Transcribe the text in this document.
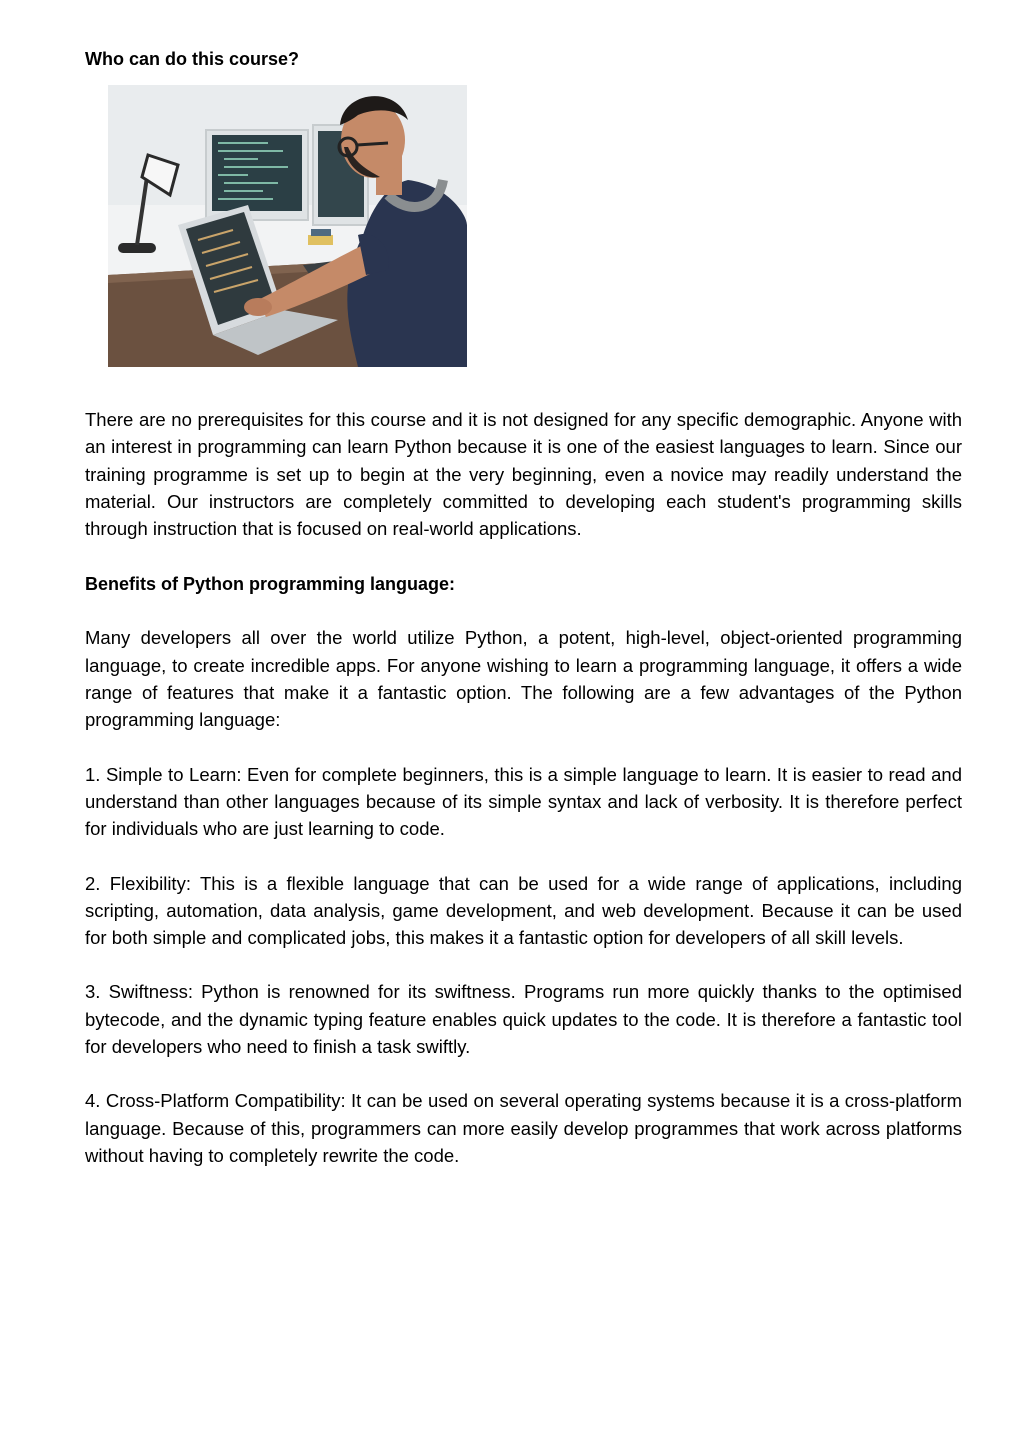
Who can do this course?

There are no prerequisites for this course and it is not designed for any specific demographic. Anyone with an interest in programming can learn Python because it is one of the easiest languages to learn. Since our training programme is set up to begin at the very beginning, even a novice may readily understand the material. Our instructors are completely committed to developing each student's programming skills through instruction that is focused on real-world applications.

Benefits of Python programming language:

Many developers all over the world utilize Python, a potent, high-level, object-oriented programming language, to create incredible apps. For anyone wishing to learn a programming language, it offers a wide range of features that make it a fantastic option. The following are a few advantages of the Python programming language:

1. Simple to Learn: Even for complete beginners, this is a simple language to learn. It is easier to read and understand than other languages because of its simple syntax and lack of verbosity. It is therefore perfect for individuals who are just learning to code.

2. Flexibility: This is a flexible language that can be used for a wide range of applications, including scripting, automation, data analysis, game development, and web development. Because it can be used for both simple and complicated jobs, this makes it a fantastic option for developers of all skill levels.

3. Swiftness: Python is renowned for its swiftness. Programs run more quickly thanks to the optimised bytecode, and the dynamic typing feature enables quick updates to the code. It is therefore a fantastic tool for developers who need to finish a task swiftly.

4. Cross-Platform Compatibility: It can be used on several operating systems because it is a cross-platform language. Because of this, programmers can more easily develop programmes that work across platforms without having to completely rewrite the code.
